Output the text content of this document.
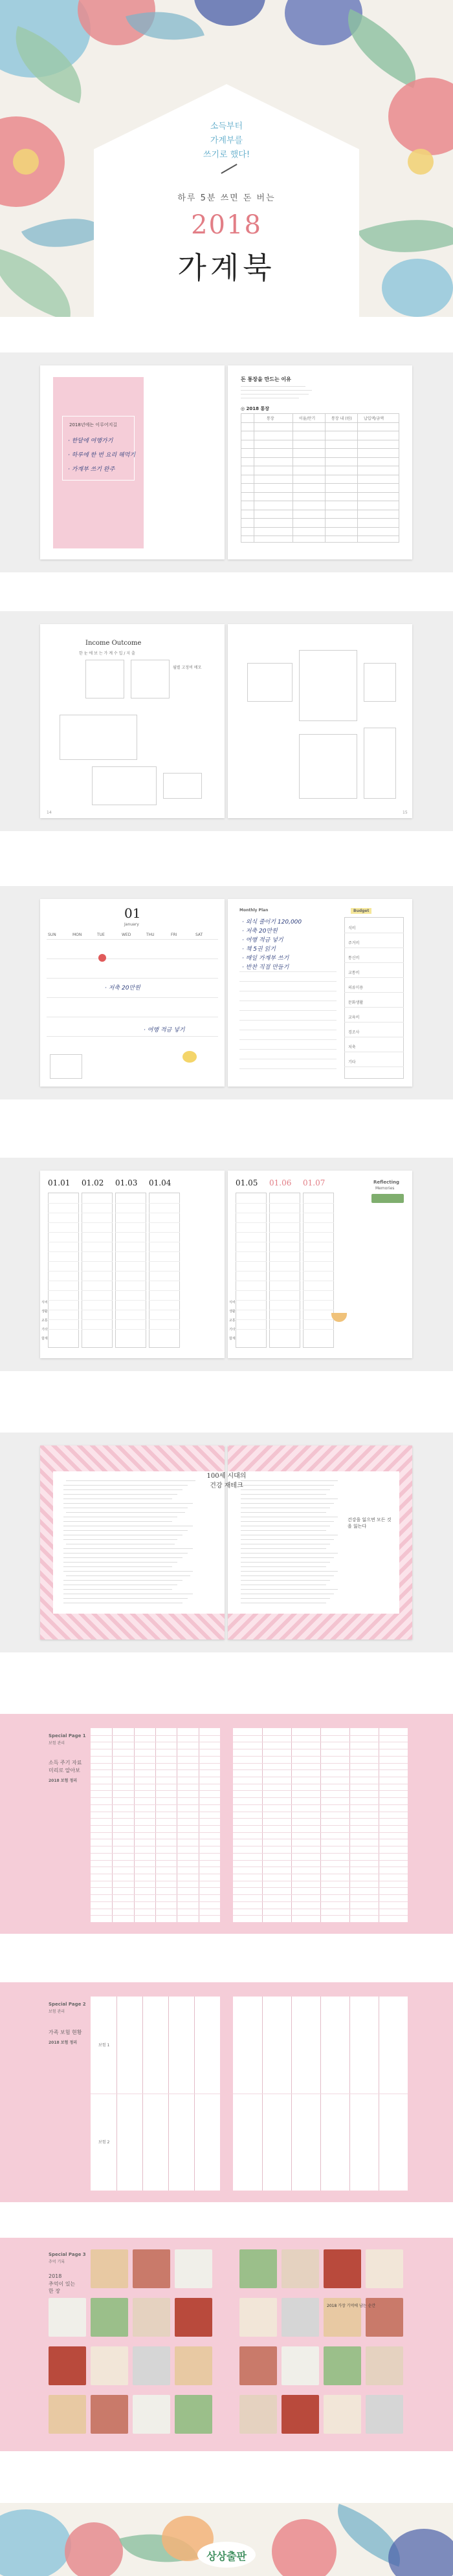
소득부터
가계부를
쓰기로 했다!
하루 5분 쓰면 돈 버는
2018
가계북
2018년에는 이루어지길
· 한달에 여행가기
· 하루에 한 번 요리 해먹기
· 가계부 쓰기 완주
돈 통장을 만드는 이유
◎ 2018 통장
통장	이율/만기	통장 내 (원)	납입액/금액
Income Outcome
한 눈 에 보 는 가 계 수 입 / 지 출
월별 고정비 메모
14	15
01
January
SUN	MON	TUE	WED	THU	FRI	SAT
· 저축 20만원
· 여행 적금 넣기
Monthly Plan
· 외식 줄이기 120,000
· 저축 20만원
· 여행 적금 넣기
· 책 5권 읽기
· 매일 가계부 쓰기
· 반찬 직접 만들기
Budget
식비
주거비
통신비
교통비
의류미용
문화생활
교육비
경조사
저축
기타
01.01 01.02 01.03 01.04
식비
생활
교통
기타
합계
01.05 01.06 01.07
식비
생활
교통
기타
합계
Reflecting
Memories
건강을 잃으면 모든 것을 잃는다
100세 시대의
건강 재테크
Special Page 1
보험 관리
소득 주기 자료
미리로 알아보
2018 보험 정리
Special Page 2
보험 관리
가족 보험 현황
2018 보험 정리
보험 1
보험 2
Special Page 3
추억 기록
2018
추억이 있는
한 장
2018 가장 기억에 남는 순간
상상출판
